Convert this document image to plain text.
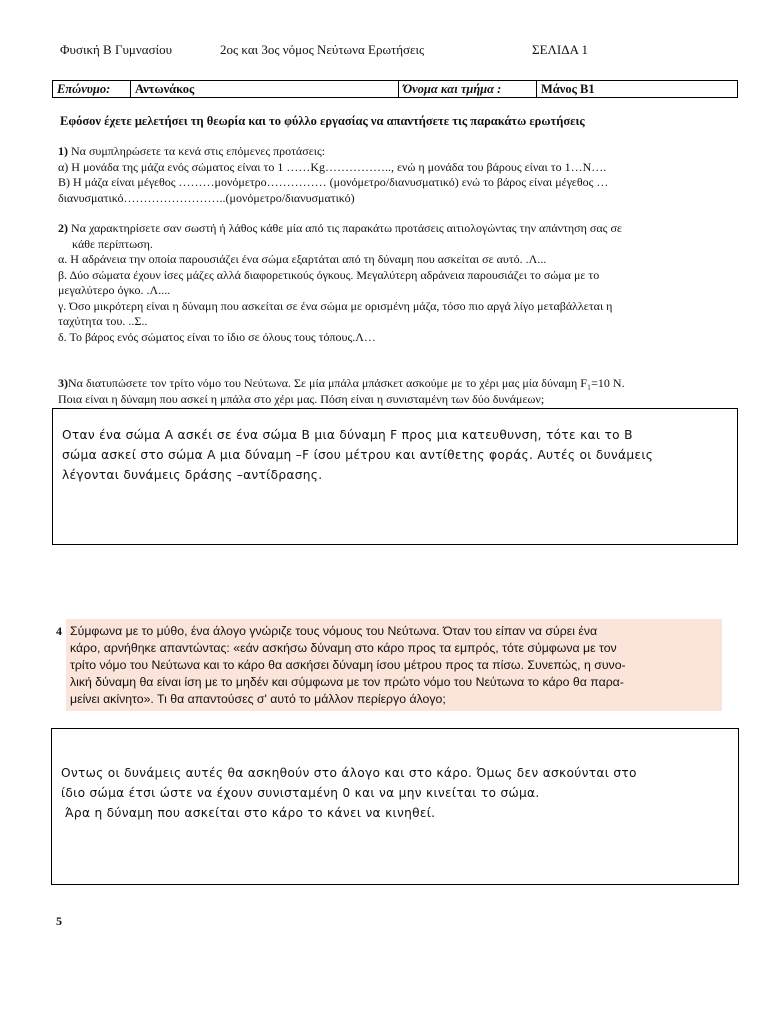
Φυσική Β Γυμνασίου	2ος και 3ος νόμος Νεύτωνα Ερωτήσεις	ΣΕΛΙΔΑ 1
Επώνυμο:	Αντωνάκος	Όνομα και τμήμα :	Μάνος Β1
Εφόσον έχετε μελετήσει τη θεωρία και το φύλλο εργασίας να απαντήσετε τις παρακάτω ερωτήσεις
1) Να συμπληρώσετε τα κενά στις επόμενες προτάσεις:
α) Η μονάδα της μάζα ενός σώματος είναι το 1 ……Kg…………….., ενώ η μονάδα του βάρους είναι το 1…N….
Β) Η μάζα είναι μέγεθος ………μονόμετρο…………… (μονόμετρο/διανυσματικό) ενώ το βάρος είναι μέγεθος …
διανυσματικό……………………..(μονόμετρο/διανυσματικό)
2) Να χαρακτηρίσετε σαν σωστή ή λάθος κάθε μία από τις παρακάτω προτάσεις αιτιολογώντας την απάντηση σας σε
κάθε περίπτωση.
α. Η αδράνεια την οποία παρουσιάζει ένα σώμα εξαρτάται από τη δύναμη που ασκείται σε αυτό. .Λ...
β. Δύο σώματα έχουν ίσες μάζες αλλά διαφορετικούς όγκους. Μεγαλύτερη αδράνεια παρουσιάζει το σώμα με το
μεγαλύτερο όγκο. .Λ....
γ. Όσο μικρότερη είναι η δύναμη που ασκείται σε ένα σώμα με ορισμένη μάζα, τόσο πιο αργά λίγο μεταβάλλεται η
ταχύτητα του. ..Σ..
δ. Το βάρος ενός σώματος είναι το ίδιο σε όλους τους τόπους.Λ…
3)Να διατυπώσετε τον τρίτο νόμο του Νεύτωνα. Σε μία μπάλα μπάσκετ ασκούμε με το χέρι μας μία δύναμη F₁=10 N.
Ποια είναι η δύναμη που ασκεί η μπάλα στο χέρι μας. Πόση είναι η συνισταμένη των δύο δυνάμεων;
Οταν ένα σώμα Α ασκέι σε ένα σώμα Β μια δύναμη F προς μια κατευθυνση, τότε και το Β
σώμα ασκεί στο σώμα Α μια δύναμη –F ίσου μέτρου και αντίθετης φοράς. Αυτές οι δυνάμεις
λέγονται δυνάμεις δράσης –αντίδρασης.
4 Σύμφωνα με το μύθο, ένα άλογο γνώριζε τους νόμους του Νεύτωνα. Όταν του είπαν να σύρει ένα
κάρο, αρνήθηκε απαντώντας: «εάν ασκήσω δύναμη στο κάρο προς τα εμπρός, τότε σύμφωνα με τον
τρίτο νόμο του Νεύτωνα και το κάρο θα ασκήσει δύναμη ίσου μέτρου προς τα πίσω. Συνεπώς, η συνο-
λική δύναμη θα είναι ίση με το μηδέν και σύμφωνα με τον πρώτο νόμο του Νεύτωνα το κάρο θα παρα-
μείνει ακίνητο». Τι θα απαντούσες σ' αυτό το μάλλον περίεργο άλογο;
Οντως οι δυνάμεις αυτές θα ασκηθούν στο άλογο και στο κάρο. Όμως δεν ασκούνται στο
ίδιο σώμα έτσι ώστε να έχουν συνισταμένη 0 και να μην κινείται το σώμα.
Άρα η δύναμη που ασκείται στο κάρο το κάνει να κινηθεί.
5
